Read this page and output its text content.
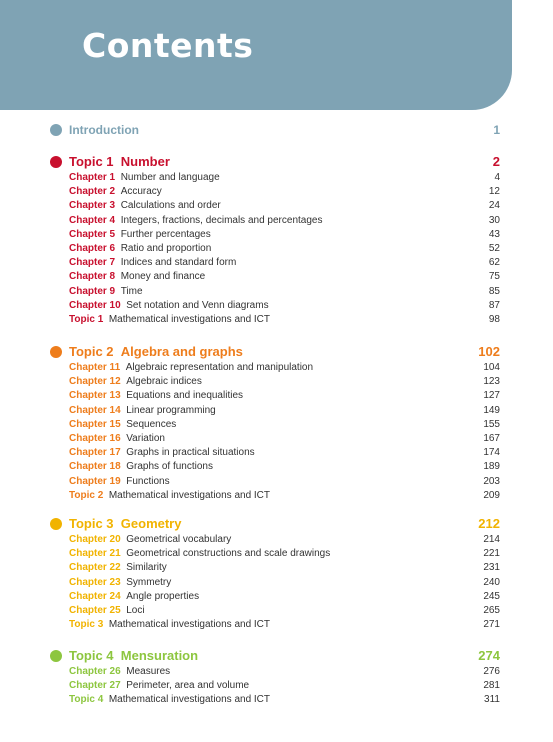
Contents
Introduction	1
Topic 1 Number	2
Chapter 1 Number and language	4
Chapter 2 Accuracy	12
Chapter 3 Calculations and order	24
Chapter 4 Integers, fractions, decimals and percentages	30
Chapter 5 Further percentages	43
Chapter 6 Ratio and proportion	52
Chapter 7 Indices and standard form	62
Chapter 8 Money and finance	75
Chapter 9 Time	85
Chapter 10 Set notation and Venn diagrams	87
Topic 1 Mathematical investigations and ICT	98
Topic 2 Algebra and graphs	102
Chapter 11 Algebraic representation and manipulation	104
Chapter 12 Algebraic indices	123
Chapter 13 Equations and inequalities	127
Chapter 14 Linear programming	149
Chapter 15 Sequences	155
Chapter 16 Variation	167
Chapter 17 Graphs in practical situations	174
Chapter 18 Graphs of functions	189
Chapter 19 Functions	203
Topic 2 Mathematical investigations and ICT	209
Topic 3 Geometry	212
Chapter 20 Geometrical vocabulary	214
Chapter 21 Geometrical constructions and scale drawings	221
Chapter 22 Similarity	231
Chapter 23 Symmetry	240
Chapter 24 Angle properties	245
Chapter 25 Loci	265
Topic 3 Mathematical investigations and ICT	271
Topic 4 Mensuration	274
Chapter 26 Measures	276
Chapter 27 Perimeter, area and volume	281
Topic 4 Mathematical investigations and ICT	311
